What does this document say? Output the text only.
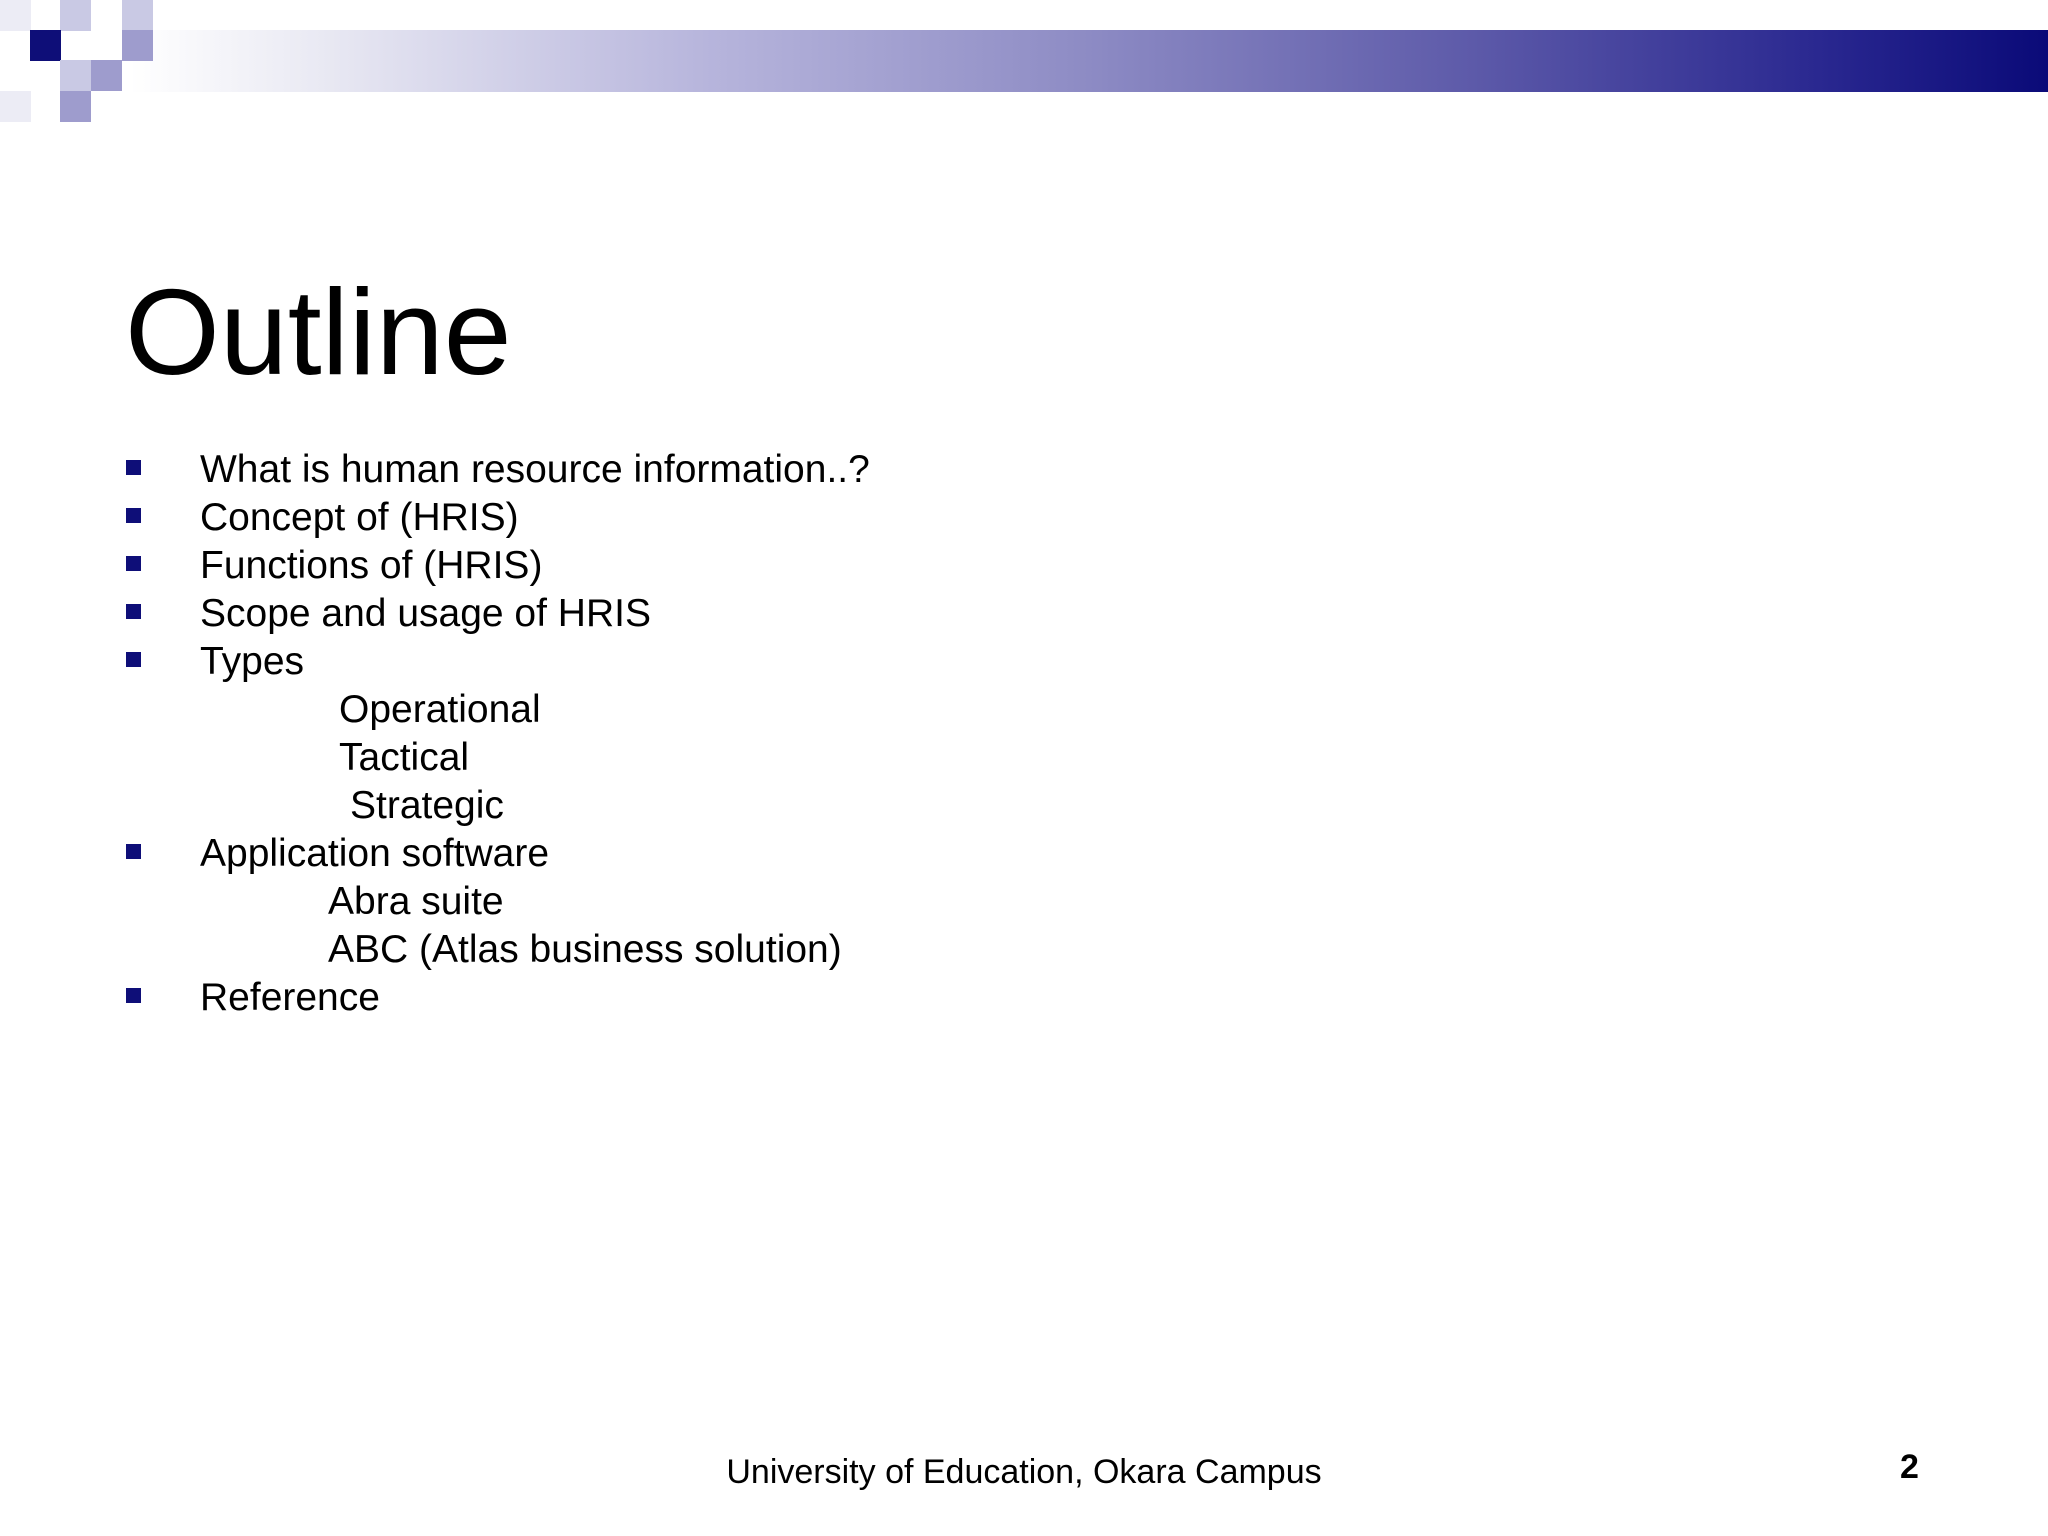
Outline
What is human resource information..?
Concept of (HRIS)
Functions of (HRIS)
Scope and usage of HRIS
Types
Operational
Tactical
Strategic
Application software
Abra suite
ABC (Atlas business solution)
Reference
University of Education, Okara Campus	2
